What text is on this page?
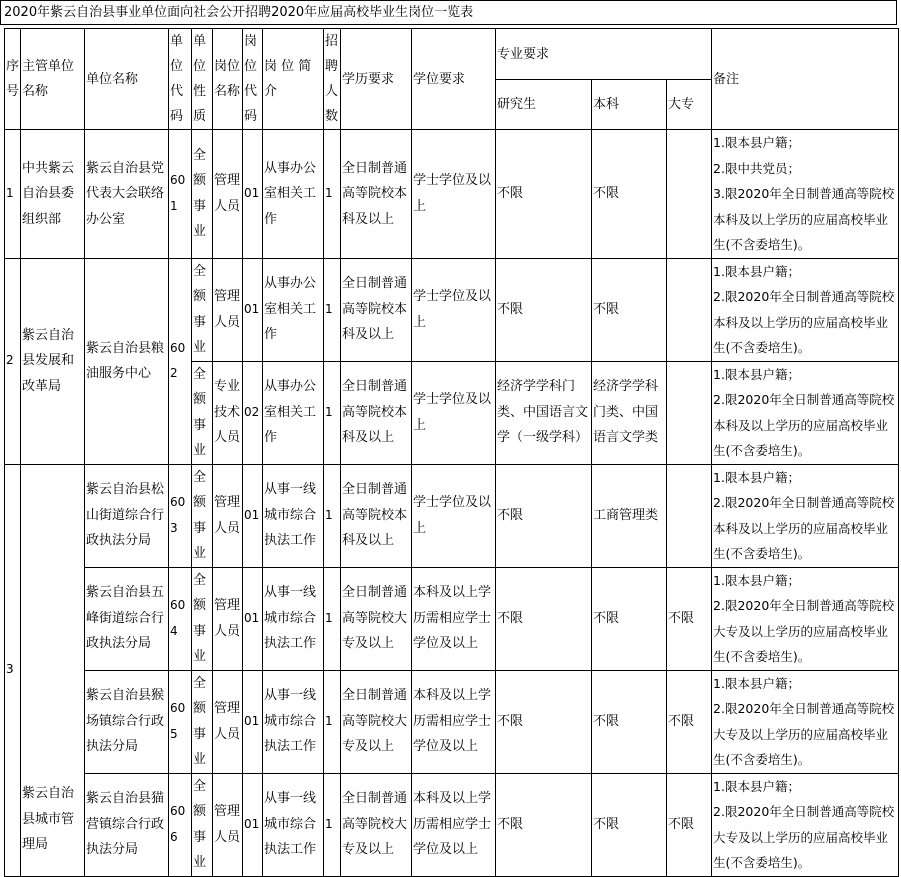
2020年紫云自治县事业单位面向社会公开招聘2020年应届高校毕业生岗位一览表
序号	主管单位名称	单位名称	单位代码	单位性质	岗位名称	岗位代码	岗 位 简介	招聘人数	学历要求	学位要求	专业要求			备注
											研究生	本科	大专	
1	中共紫云自治县委组织部	紫云自治县党代表大会联络办公室	601	全额事业	管理人员	01	从事办公室相关工作	1	全日制普通高等院校本科及以上	学士学位及以上	不限	不限		1.限本县户籍；
2.限中共党员；
3.限2020年全日制普通高等院校本科及以上学历的应届高校毕业生(不含委培生)。

2	紫云自治县发展和改革局	紫云自治县粮油服务中心	602	全额事业	管理人员	01	从事办公室相关工作	1	全日制普通高等院校本科及以上	学士学位及以上	不限	不限		1.限本县户籍；
2.限2020年全日制普通高等院校本科及以上学历的应届高校毕业生(不含委培生)。

				全额事业	专业技术人员	02	从事办公室相关工作	1	全日制普通高等院校本科及以上	学士学位及以上	经济学学科门类、中国语言文学（一级学科）	经济学学科门类、中国语言文学类		1.限本县户籍；
2.限2020年全日制普通高等院校本科及以上学历的应届高校毕业生(不含委培生)。

3	紫云自治县城市管理局	紫云自治县松山街道综合行政执法分局	603	全额事业	管理人员	01	从事一线城市综合执法工作	1	全日制普通高等院校本科及以上	学士学位及以上	不限	工商管理类		1.限本县户籍；
2.限2020年全日制普通高等院校本科及以上学历的应届高校毕业生(不含委培生)。

		紫云自治县五峰街道综合行政执法分局	604	全额事业	管理人员	01	从事一线城市综合执法工作	1	全日制普通高等院校大专及以上	本科及以上学历需相应学士学位及以上	不限	不限	不限	1.限本县户籍；
2.限2020年全日制普通高等院校大专及以上学历的应届高校毕业生(不含委培生)。

		紫云自治县猴场镇综合行政执法分局	605	全额事业	管理人员	01	从事一线城市综合执法工作	1	全日制普通高等院校大专及以上	本科及以上学历需相应学士学位及以上	不限	不限	不限	1.限本县户籍；
2.限2020年全日制普通高等院校大专及以上学历的应届高校毕业生(不含委培生)。

		紫云自治县猫营镇综合行政执法分局	606	全额事业	管理人员	01	从事一线城市综合执法工作	1	全日制普通高等院校大专及以上	本科及以上学历需相应学士学位及以上	不限	不限	不限	1.限本县户籍；
2.限2020年全日制普通高等院校大专及以上学历的应届高校毕业生(不含委培生)。
